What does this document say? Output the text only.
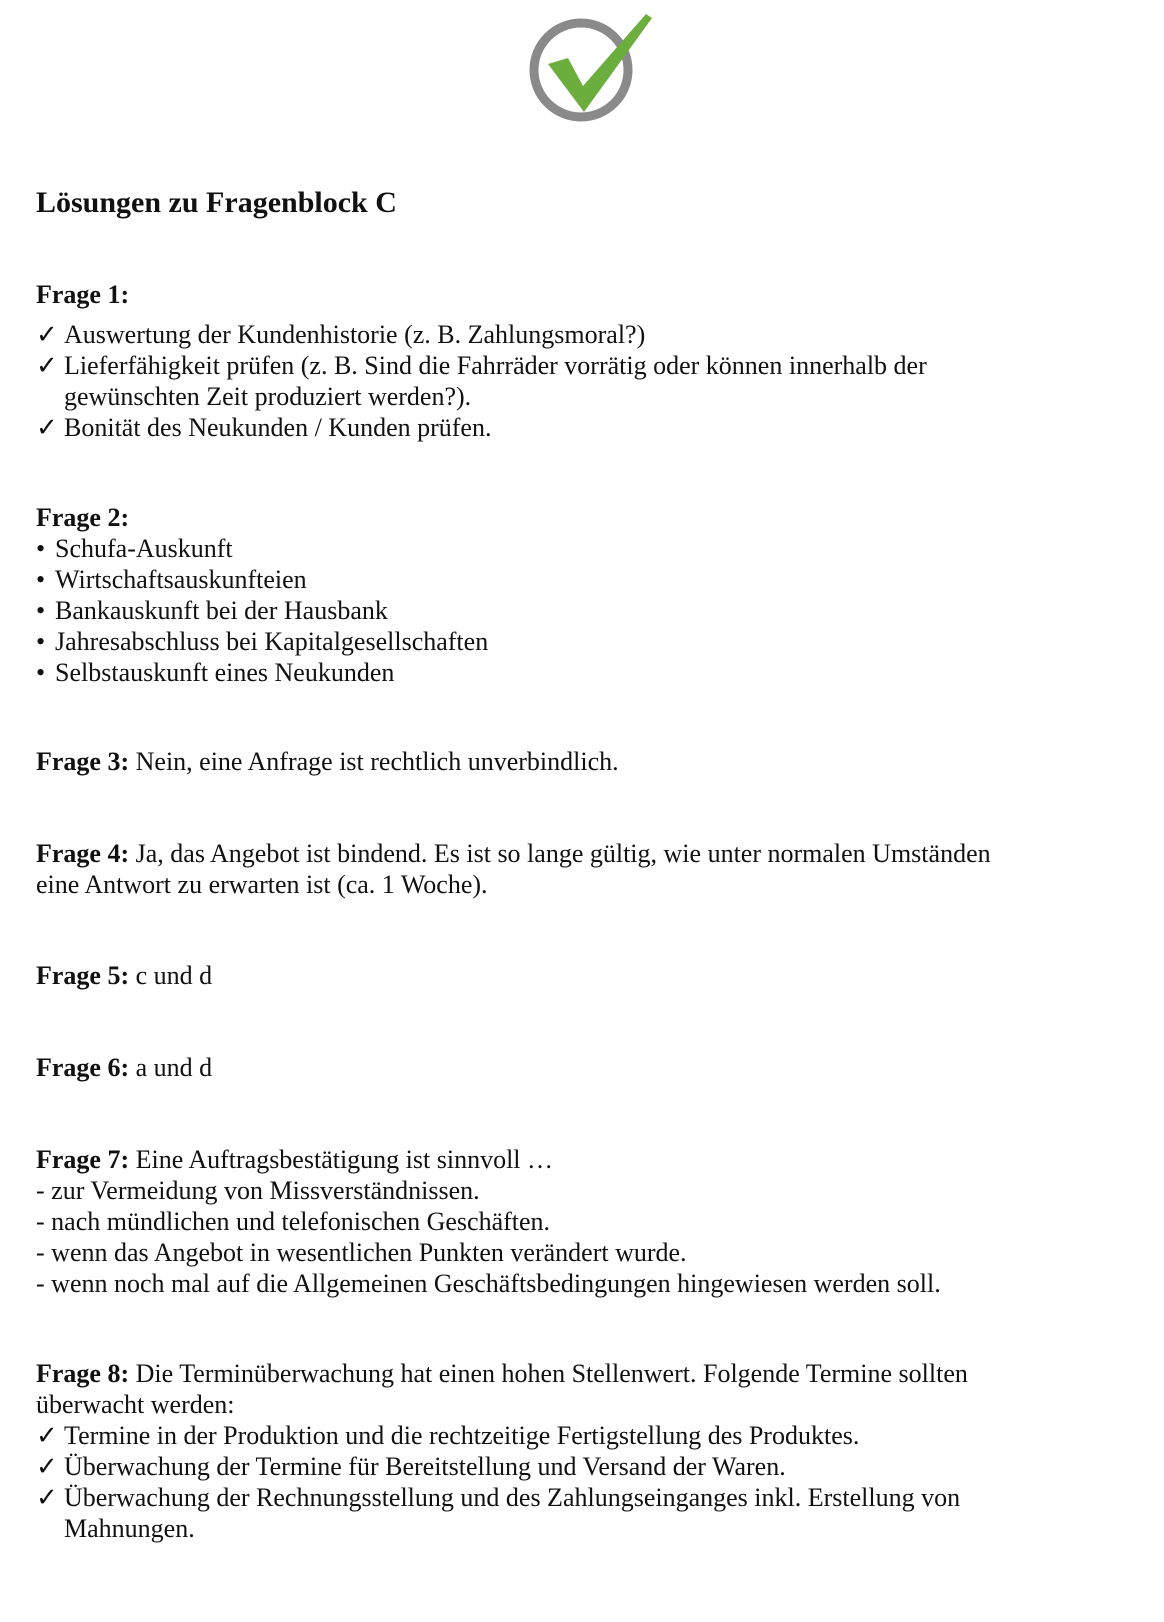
Lösungen zu Fragenblock C
Frage 1:
✓ Auswertung der Kundenhistorie (z. B. Zahlungsmoral?)
✓ Lieferfähigkeit prüfen (z. B. Sind die Fahrräder vorrätig oder können innerhalb der gewünschten Zeit produziert werden?).
✓ Bonität des Neukunden / Kunden prüfen.
Frage 2:
• Schufa-Auskunft
• Wirtschaftsauskunfteien
• Bankauskunft bei der Hausbank
• Jahresabschluss bei Kapitalgesellschaften
• Selbstauskunft eines Neukunden
Frage 3: Nein, eine Anfrage ist rechtlich unverbindlich.
Frage 4: Ja, das Angebot ist bindend. Es ist so lange gültig, wie unter normalen Umständen eine Antwort zu erwarten ist (ca. 1 Woche).
Frage 5: c und d
Frage 6: a und d
Frage 7: Eine Auftragsbestätigung ist sinnvoll …
- zur Vermeidung von Missverständnissen.
- nach mündlichen und telefonischen Geschäften.
- wenn das Angebot in wesentlichen Punkten verändert wurde.
- wenn noch mal auf die Allgemeinen Geschäftsbedingungen hingewiesen werden soll.
Frage 8: Die Terminüberwachung hat einen hohen Stellenwert. Folgende Termine sollten überwacht werden:
✓ Termine in der Produktion und die rechtzeitige Fertigstellung des Produktes.
✓ Überwachung der Termine für Bereitstellung und Versand der Waren.
✓ Überwachung der Rechnungsstellung und des Zahlungseinganges inkl. Erstellung von Mahnungen.
